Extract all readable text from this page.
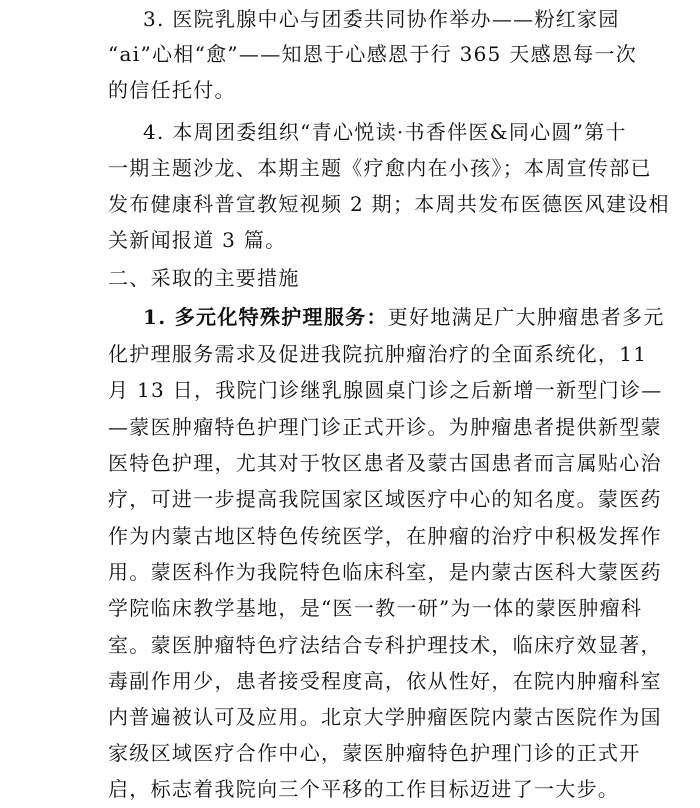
3. 医院乳腺中心与团委共同协作举办——粉红家园
“ai”心相“愈”——知恩于心感恩于行 365 天感恩每一次
的信任托付。
4. 本周团委组织“青心悦读·书香伴医&同心圆”第十
一期主题沙龙、本期主题《疗愈内在小孩》；本周宣传部已
发布健康科普宣教短视频 2 期；本周共发布医德医风建设相
关新闻报道 3 篇。
二、采取的主要措施
1. 多元化特殊护理服务：更好地满足广大肿瘤患者多元
化护理服务需求及促进我院抗肿瘤治疗的全面系统化，11
月 13 日，我院门诊继乳腺圆桌门诊之后新增一新型门诊—
—蒙医肿瘤特色护理门诊正式开诊。为肿瘤患者提供新型蒙
医特色护理，尤其对于牧区患者及蒙古国患者而言属贴心治
疗，可进一步提高我院国家区域医疗中心的知名度。蒙医药
作为内蒙古地区特色传统医学，在肿瘤的治疗中积极发挥作
用。蒙医科作为我院特色临床科室，是内蒙古医科大蒙医药
学院临床教学基地，是“医一教一研”为一体的蒙医肿瘤科
室。蒙医肿瘤特色疗法结合专科护理技术，临床疗效显著，
毒副作用少，患者接受程度高，依从性好，在院内肿瘤科室
内普遍被认可及应用。北京大学肿瘤医院内蒙古医院作为国
家级区域医疗合作中心，蒙医肿瘤特色护理门诊的正式开
启，标志着我院向三个平移的工作目标迈进了一大步。
